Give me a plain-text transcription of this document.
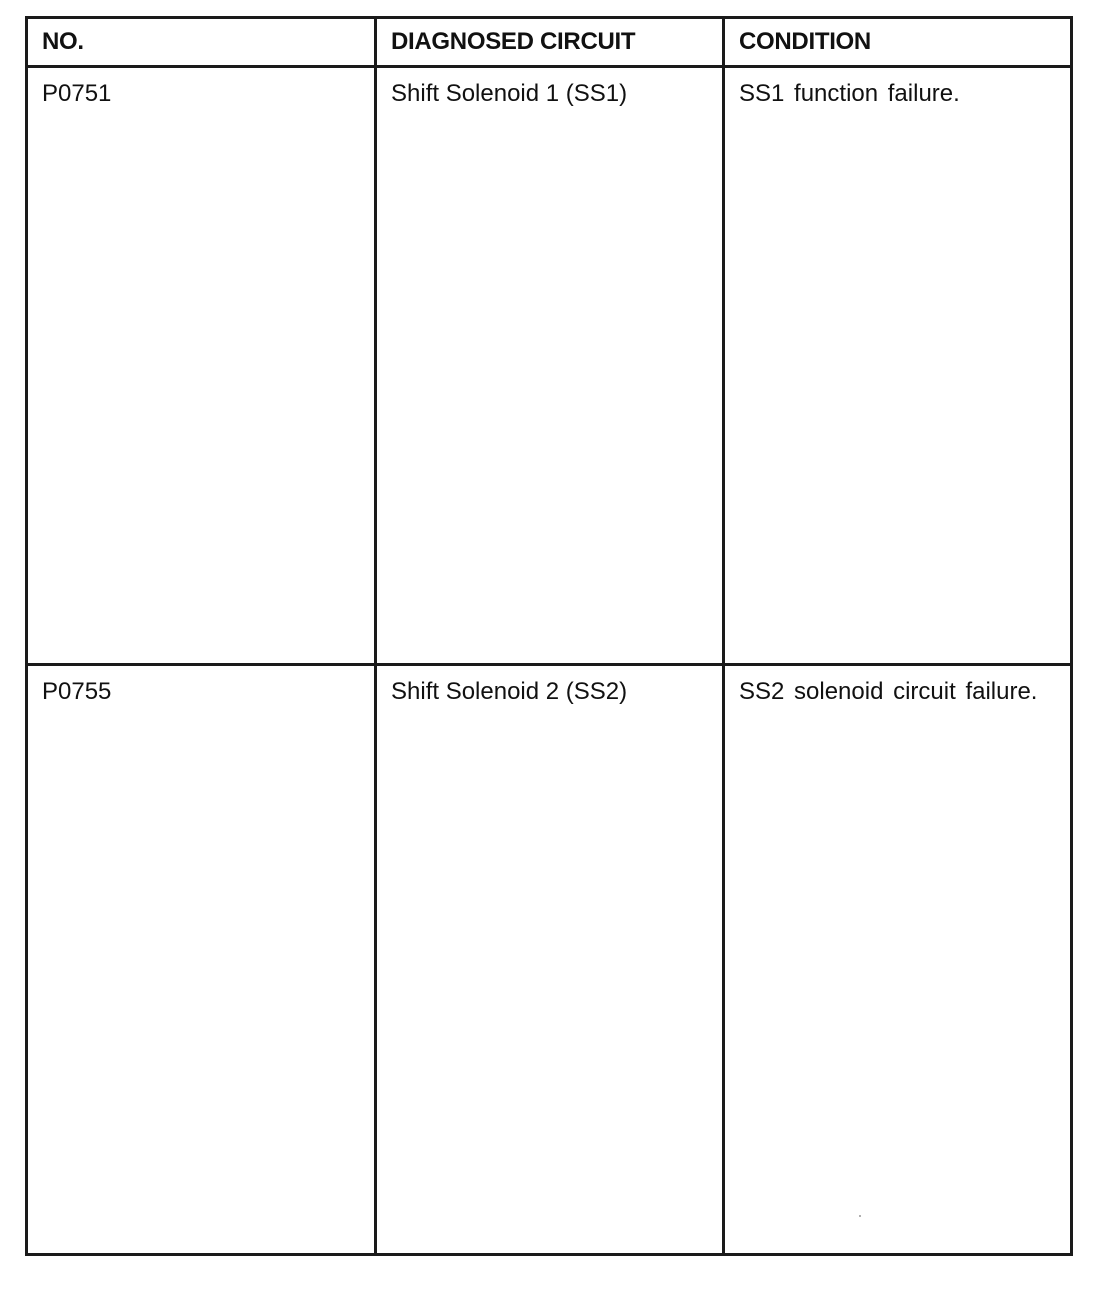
NO.	DIAGNOSED CIRCUIT	CONDITION
P0751	Shift Solenoid 1 (SS1)	SS1 function failure.
P0755	Shift Solenoid 2 (SS2)	SS2 solenoid circuit failure.
